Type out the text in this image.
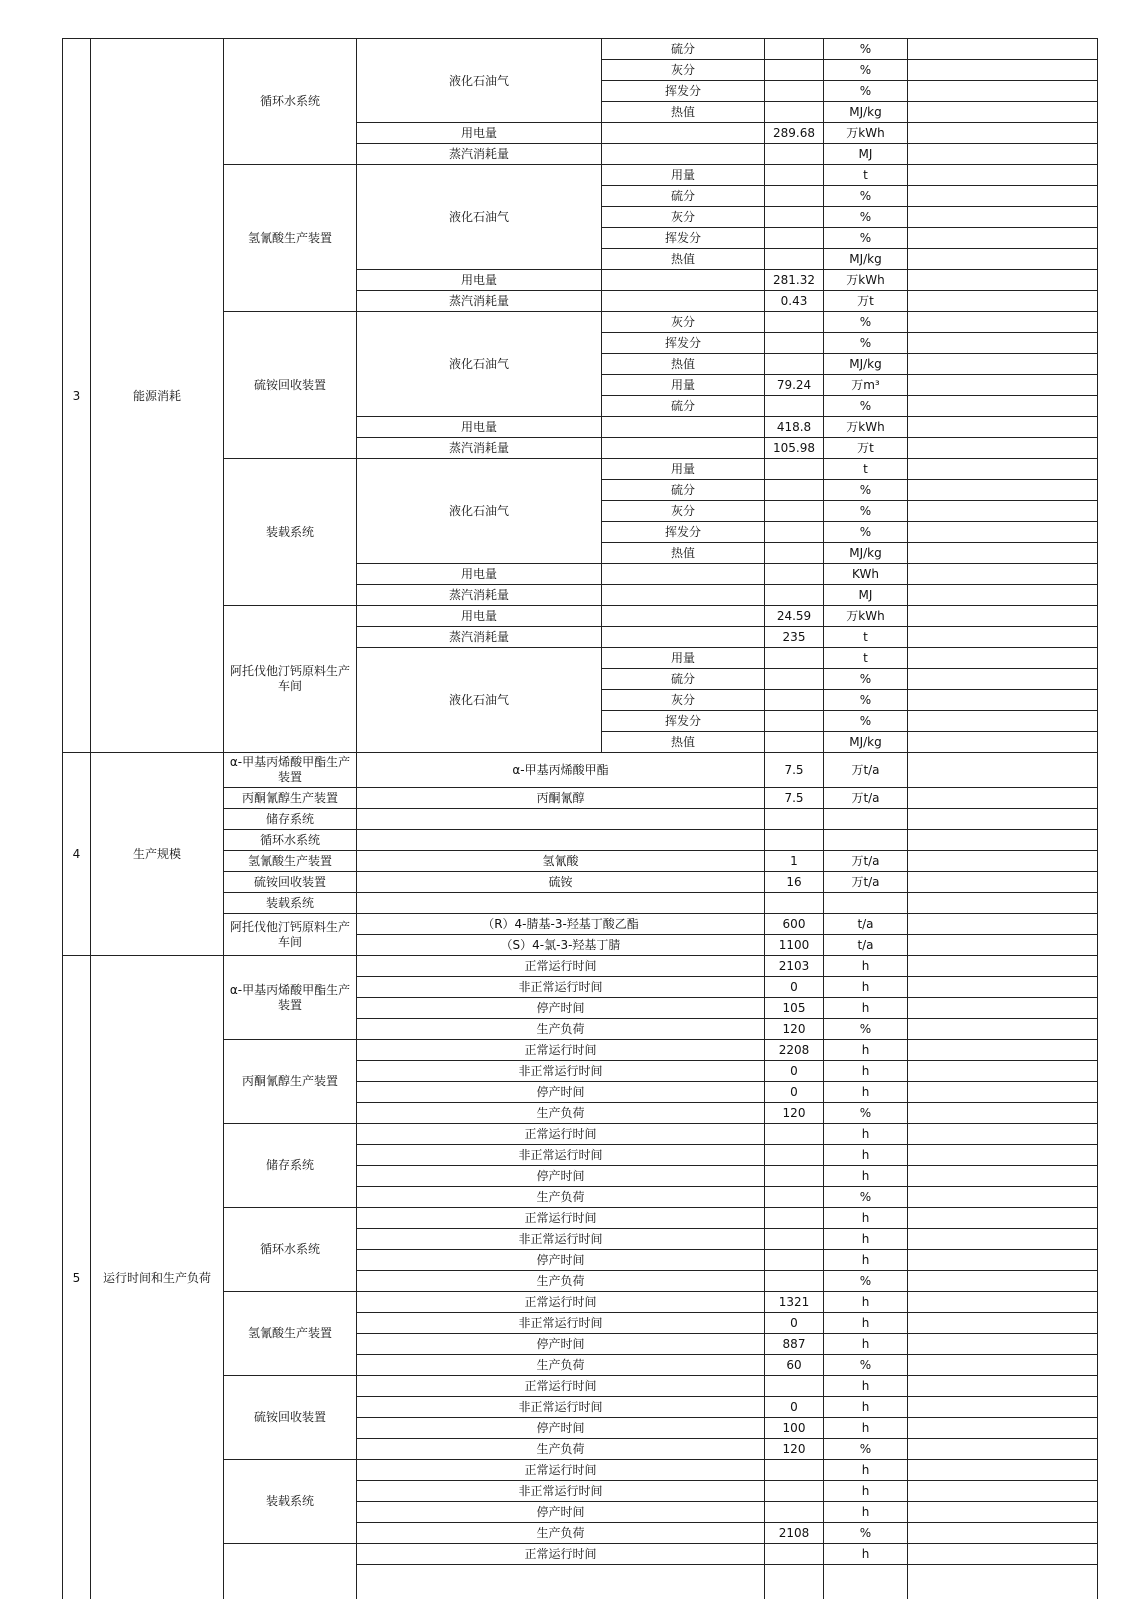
3	能源消耗	循环水系统	液化石油气	硫分		%	
				灰分		%	
				挥发分		%	
				热值		MJ/kg	
			用电量		289.68	万kWh	
			蒸汽消耗量			MJ	
		氢氰酸生产装置	液化石油气	用量		t	
				硫分		%	
				灰分		%	
				挥发分		%	
				热值		MJ/kg	
			用电量		281.32	万kWh	
			蒸汽消耗量		0.43	万t	
		硫铵回收装置	液化石油气	灰分		%	
				挥发分		%	
				热值		MJ/kg	
				用量	79.24	万m³	
				硫分		%	
			用电量		418.8	万kWh	
			蒸汽消耗量		105.98	万t	
		装载系统	液化石油气	用量		t	
				硫分		%	
				灰分		%	
				挥发分		%	
				热值		MJ/kg	
			用电量			KWh	
			蒸汽消耗量			MJ	
		阿托伐他汀钙原料生产车间	用电量		24.59	万kWh	
			蒸汽消耗量		235	t	
			液化石油气	用量		t	
				硫分		%	
				灰分		%	
				挥发分		%	
				热值		MJ/kg	
4	生产规模	α-甲基丙烯酸甲酯生产装置	α-甲基丙烯酸甲酯		7.5	万t/a	
		丙酮氰醇生产装置	丙酮氰醇		7.5	万t/a	
		储存系统					
		循环水系统					
		氢氰酸生产装置	氢氰酸		1	万t/a	
		硫铵回收装置	硫铵		16	万t/a	
		装载系统					
		阿托伐他汀钙原料生产车间	（R）4-腈基-3-羟基丁酸乙酯		600	t/a	
			（S）4-氯-3-羟基丁腈		1100	t/a	
5	运行时间和生产负荷	α-甲基丙烯酸甲酯生产装置	正常运行时间		2103	h	
			非正常运行时间		0	h	
			停产时间		105	h	
			生产负荷		120	%	
		丙酮氰醇生产装置	正常运行时间		2208	h	
			非正常运行时间		0	h	
			停产时间		0	h	
			生产负荷		120	%	
		储存系统	正常运行时间			h	
			非正常运行时间			h	
			停产时间			h	
			生产负荷			%	
		循环水系统	正常运行时间			h	
			非正常运行时间			h	
			停产时间			h	
			生产负荷			%	
		氢氰酸生产装置	正常运行时间		1321	h	
			非正常运行时间		0	h	
			停产时间		887	h	
			生产负荷		60	%	
		硫铵回收装置	正常运行时间			h	
			非正常运行时间		0	h	
			停产时间		100	h	
			生产负荷		120	%	
		装载系统	正常运行时间			h	
			非正常运行时间			h	
			停产时间			h	
			生产负荷		2108	%	
			正常运行时间			h	
